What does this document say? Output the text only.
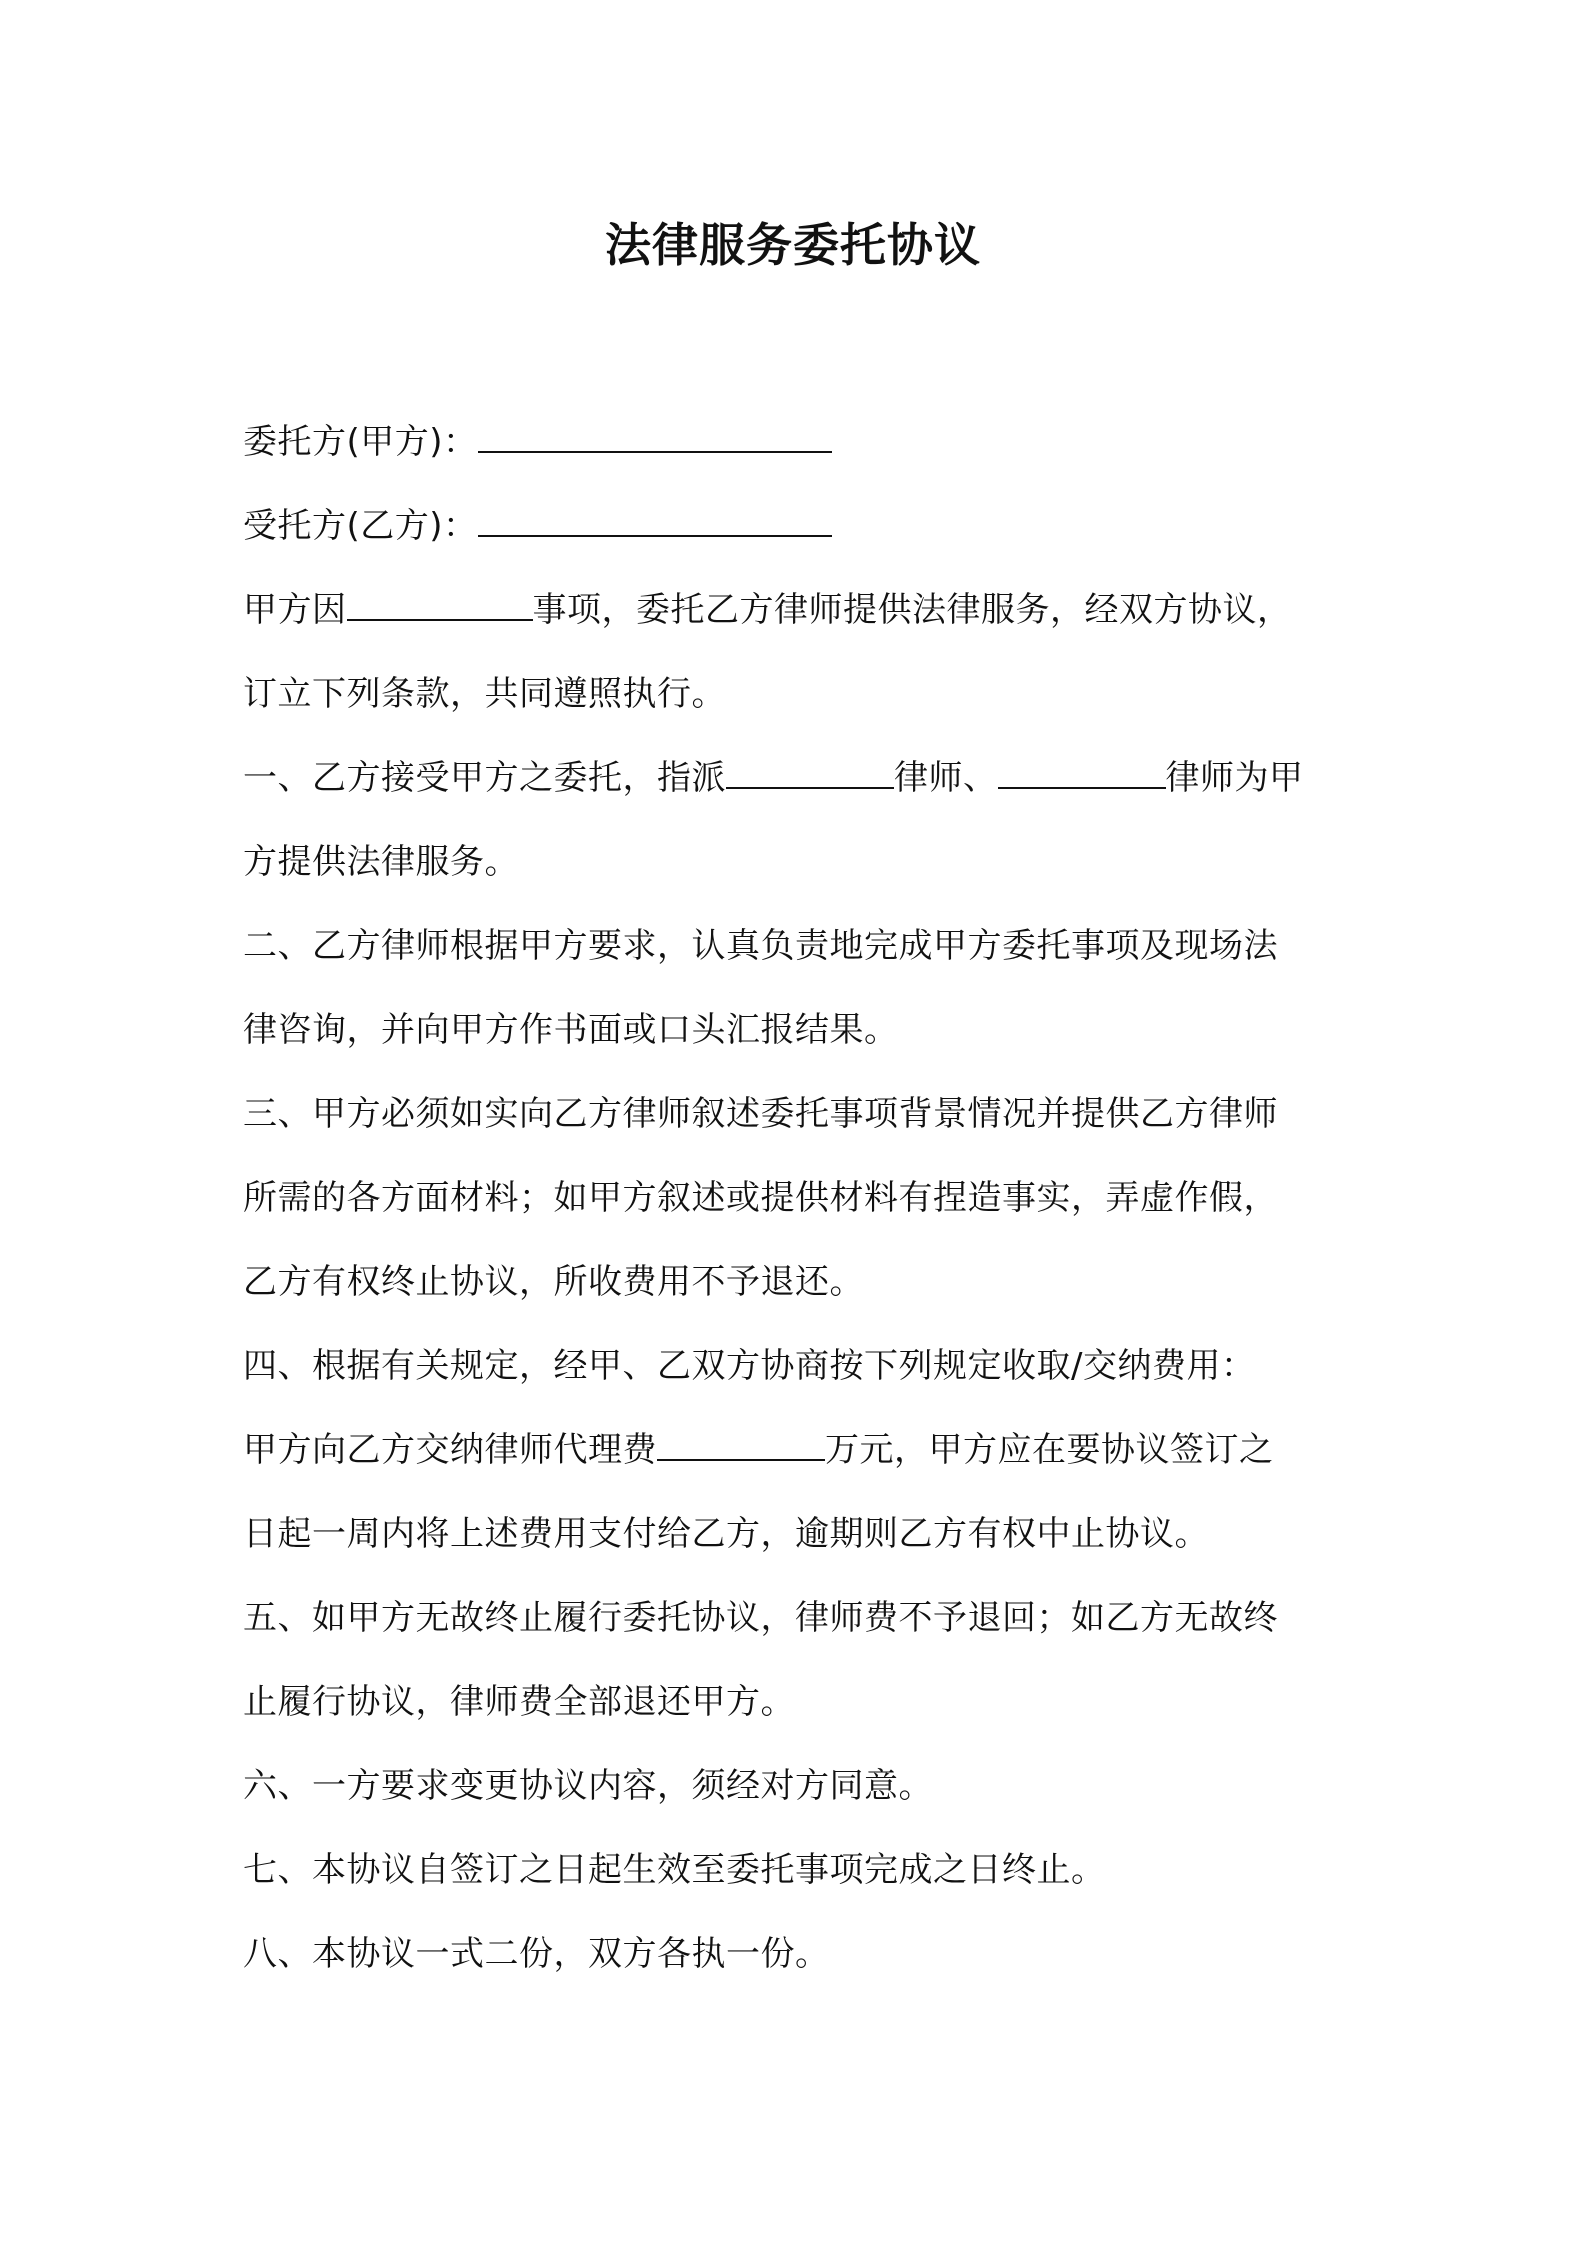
法律服务委托协议
委托方(甲方)：
受托方(乙方)：
甲方因	事项，委托乙方律师提供法律服务，经双方协议，
订立下列条款，共同遵照执行。
一、乙方接受甲方之委托，指派	律师、	律师为甲
方提供法律服务。
二、乙方律师根据甲方要求，认真负责地完成甲方委托事项及现场法
律咨询，并向甲方作书面或口头汇报结果。
三、甲方必须如实向乙方律师叙述委托事项背景情况并提供乙方律师
所需的各方面材料；如甲方叙述或提供材料有捏造事实，弄虚作假，
乙方有权终止协议，所收费用不予退还。
四、根据有关规定，经甲、乙双方协商按下列规定收取/交纳费用：
甲方向乙方交纳律师代理费	万元，甲方应在要协议签订之
日起一周内将上述费用支付给乙方，逾期则乙方有权中止协议。
五、如甲方无故终止履行委托协议，律师费不予退回；如乙方无故终
止履行协议，律师费全部退还甲方。
六、一方要求变更协议内容，须经对方同意。
七、本协议自签订之日起生效至委托事项完成之日终止。
八、本协议一式二份，双方各执一份。
